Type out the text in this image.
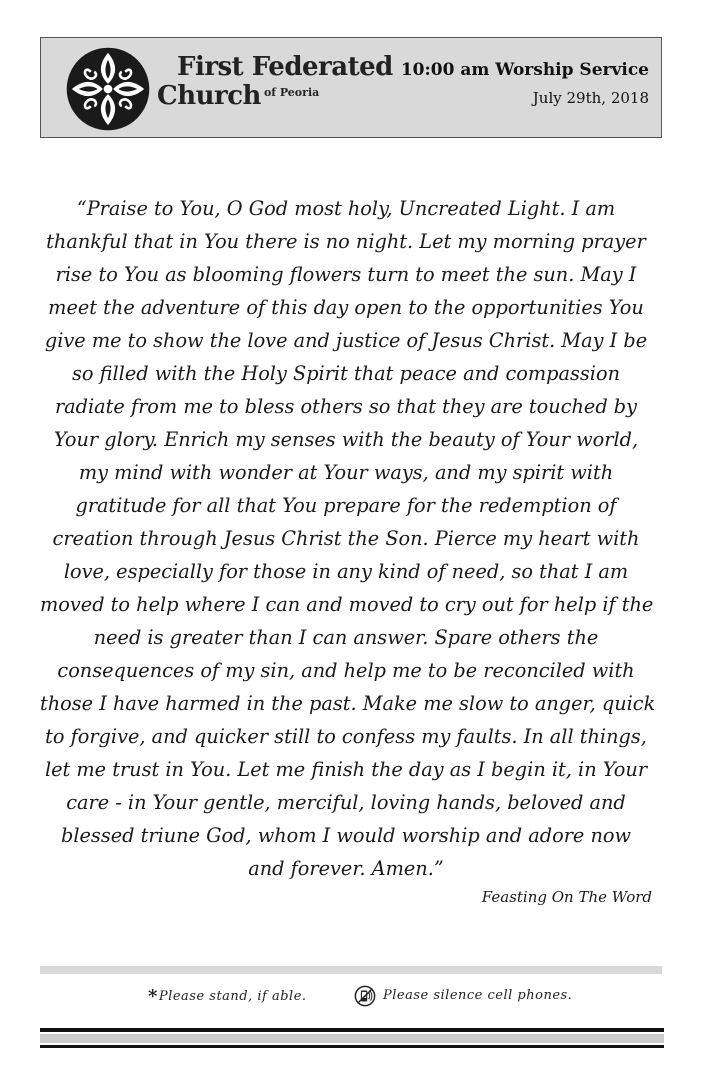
First Federated
Church $^{of Peoria}$
10:00 am Worship Service
July 29th, 2018
“Praise to You, O God most holy, Uncreated Light. I am
thankful that in You there is no night. Let my morning prayer
rise to You as blooming flowers turn to meet the sun. May I
meet the adventure of this day open to the opportunities You
give me to show the love and justice of Jesus Christ. May I be
so filled with the Holy Spirit that peace and compassion
radiate from me to bless others so that they are touched by
Your glory. Enrich my senses with the beauty of Your world,
my mind with wonder at Your ways, and my spirit with
gratitude for all that You prepare for the redemption of
creation through Jesus Christ the Son. Pierce my heart with
love, especially for those in any kind of need, so that I am
moved to help where I can and moved to cry out for help if the
need is greater than I can answer. Spare others the
consequences of my sin, and help me to be reconciled with
those I have harmed in the past. Make me slow to anger, quick
to forgive, and quicker still to confess my faults. In all things,
let me trust in You. Let me finish the day as I begin it, in Your
care - in Your gentle, merciful, loving hands, beloved and
blessed triune God, whom I would worship and adore now
and forever. Amen.”
Feasting On The Word
*Please stand, if able.	Please silence cell phones.
